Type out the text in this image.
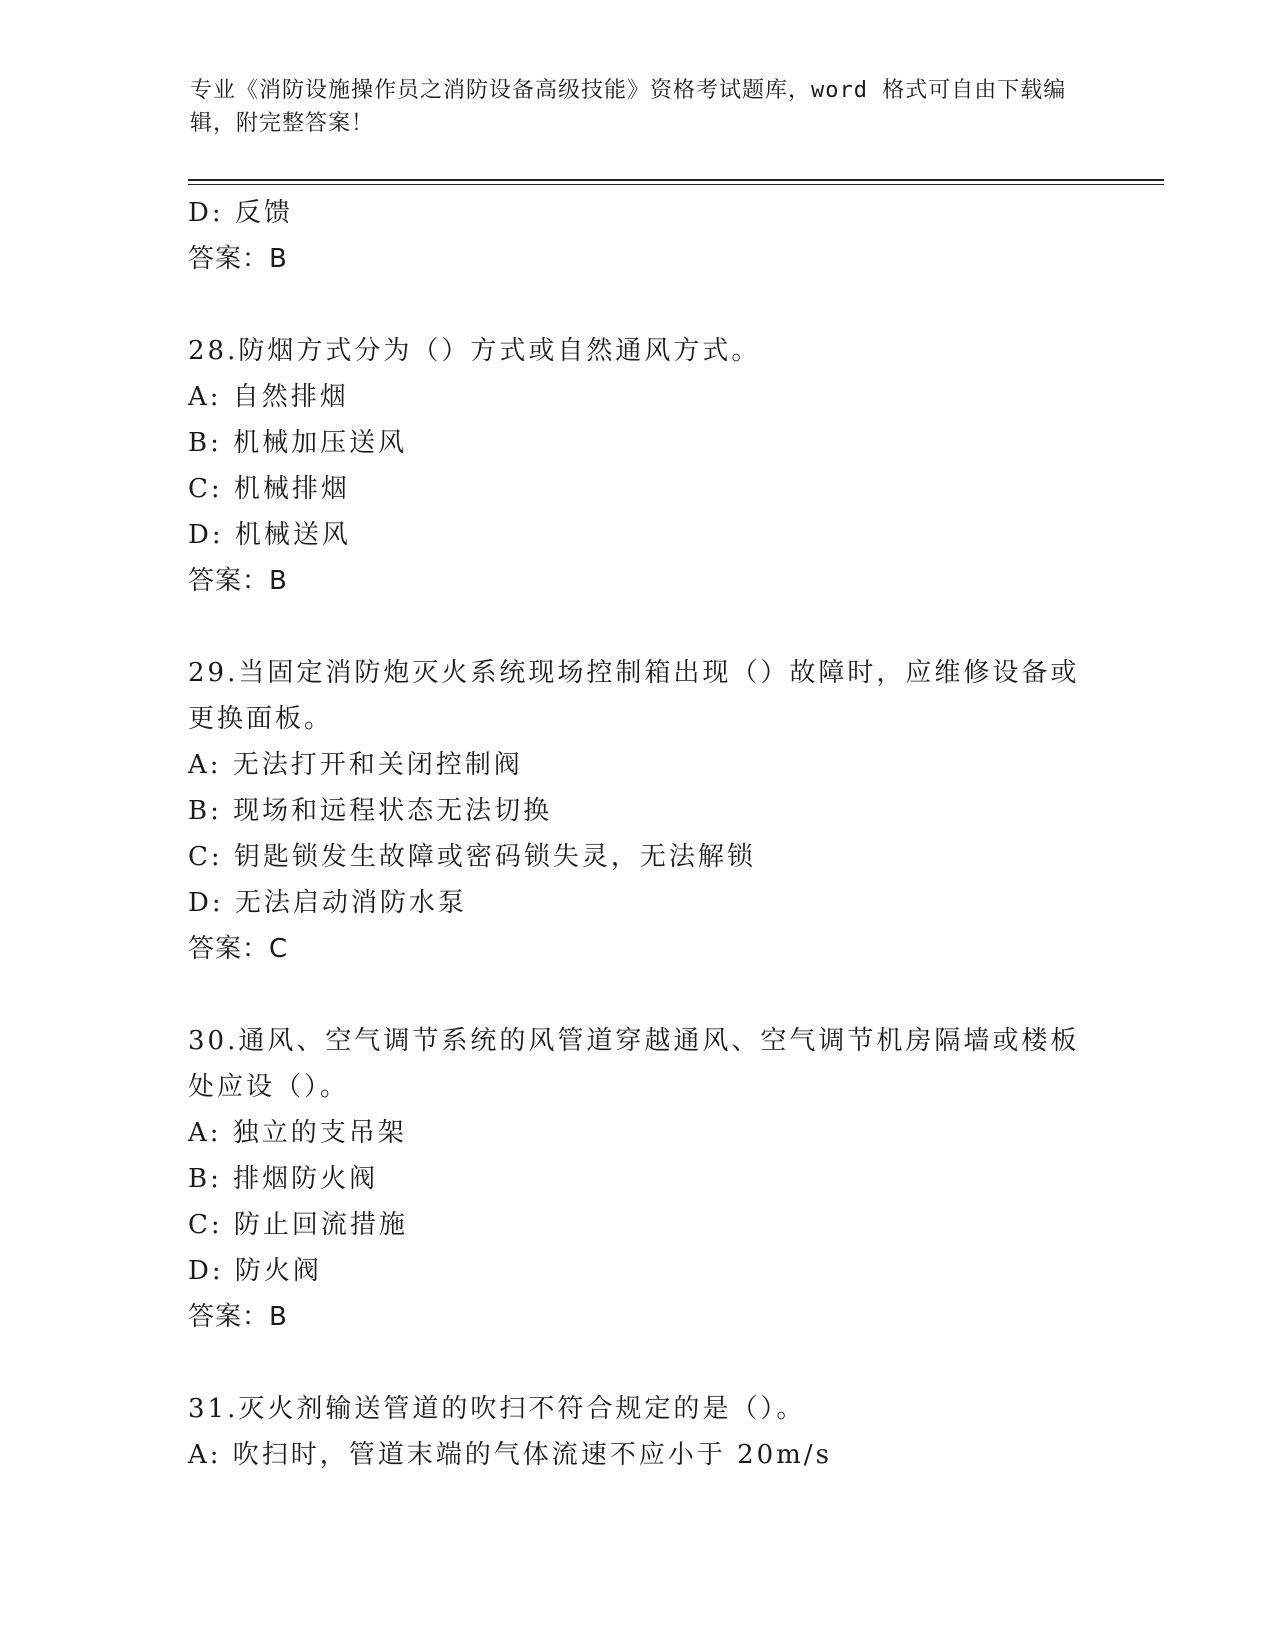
专业《消防设施操作员之消防设备高级技能》资格考试题库，word 格式可自由下载编辑，附完整答案！
D: 反馈
答案：B
28.防烟方式分为（）方式或自然通风方式。
A: 自然排烟
B: 机械加压送风
C: 机械排烟
D: 机械送风
答案：B
29.当固定消防炮灭火系统现场控制箱出现（）故障时，应维修设备或更换面板。
A: 无法打开和关闭控制阀
B: 现场和远程状态无法切换
C: 钥匙锁发生故障或密码锁失灵，无法解锁
D: 无法启动消防水泵
答案：C
30.通风、空气调节系统的风管道穿越通风、空气调节机房隔墙或楼板处应设（）。
A: 独立的支吊架
B: 排烟防火阀
C: 防止回流措施
D: 防火阀
答案：B
31.灭火剂输送管道的吹扫不符合规定的是（）。
A: 吹扫时，管道末端的气体流速不应小于 20m/s
